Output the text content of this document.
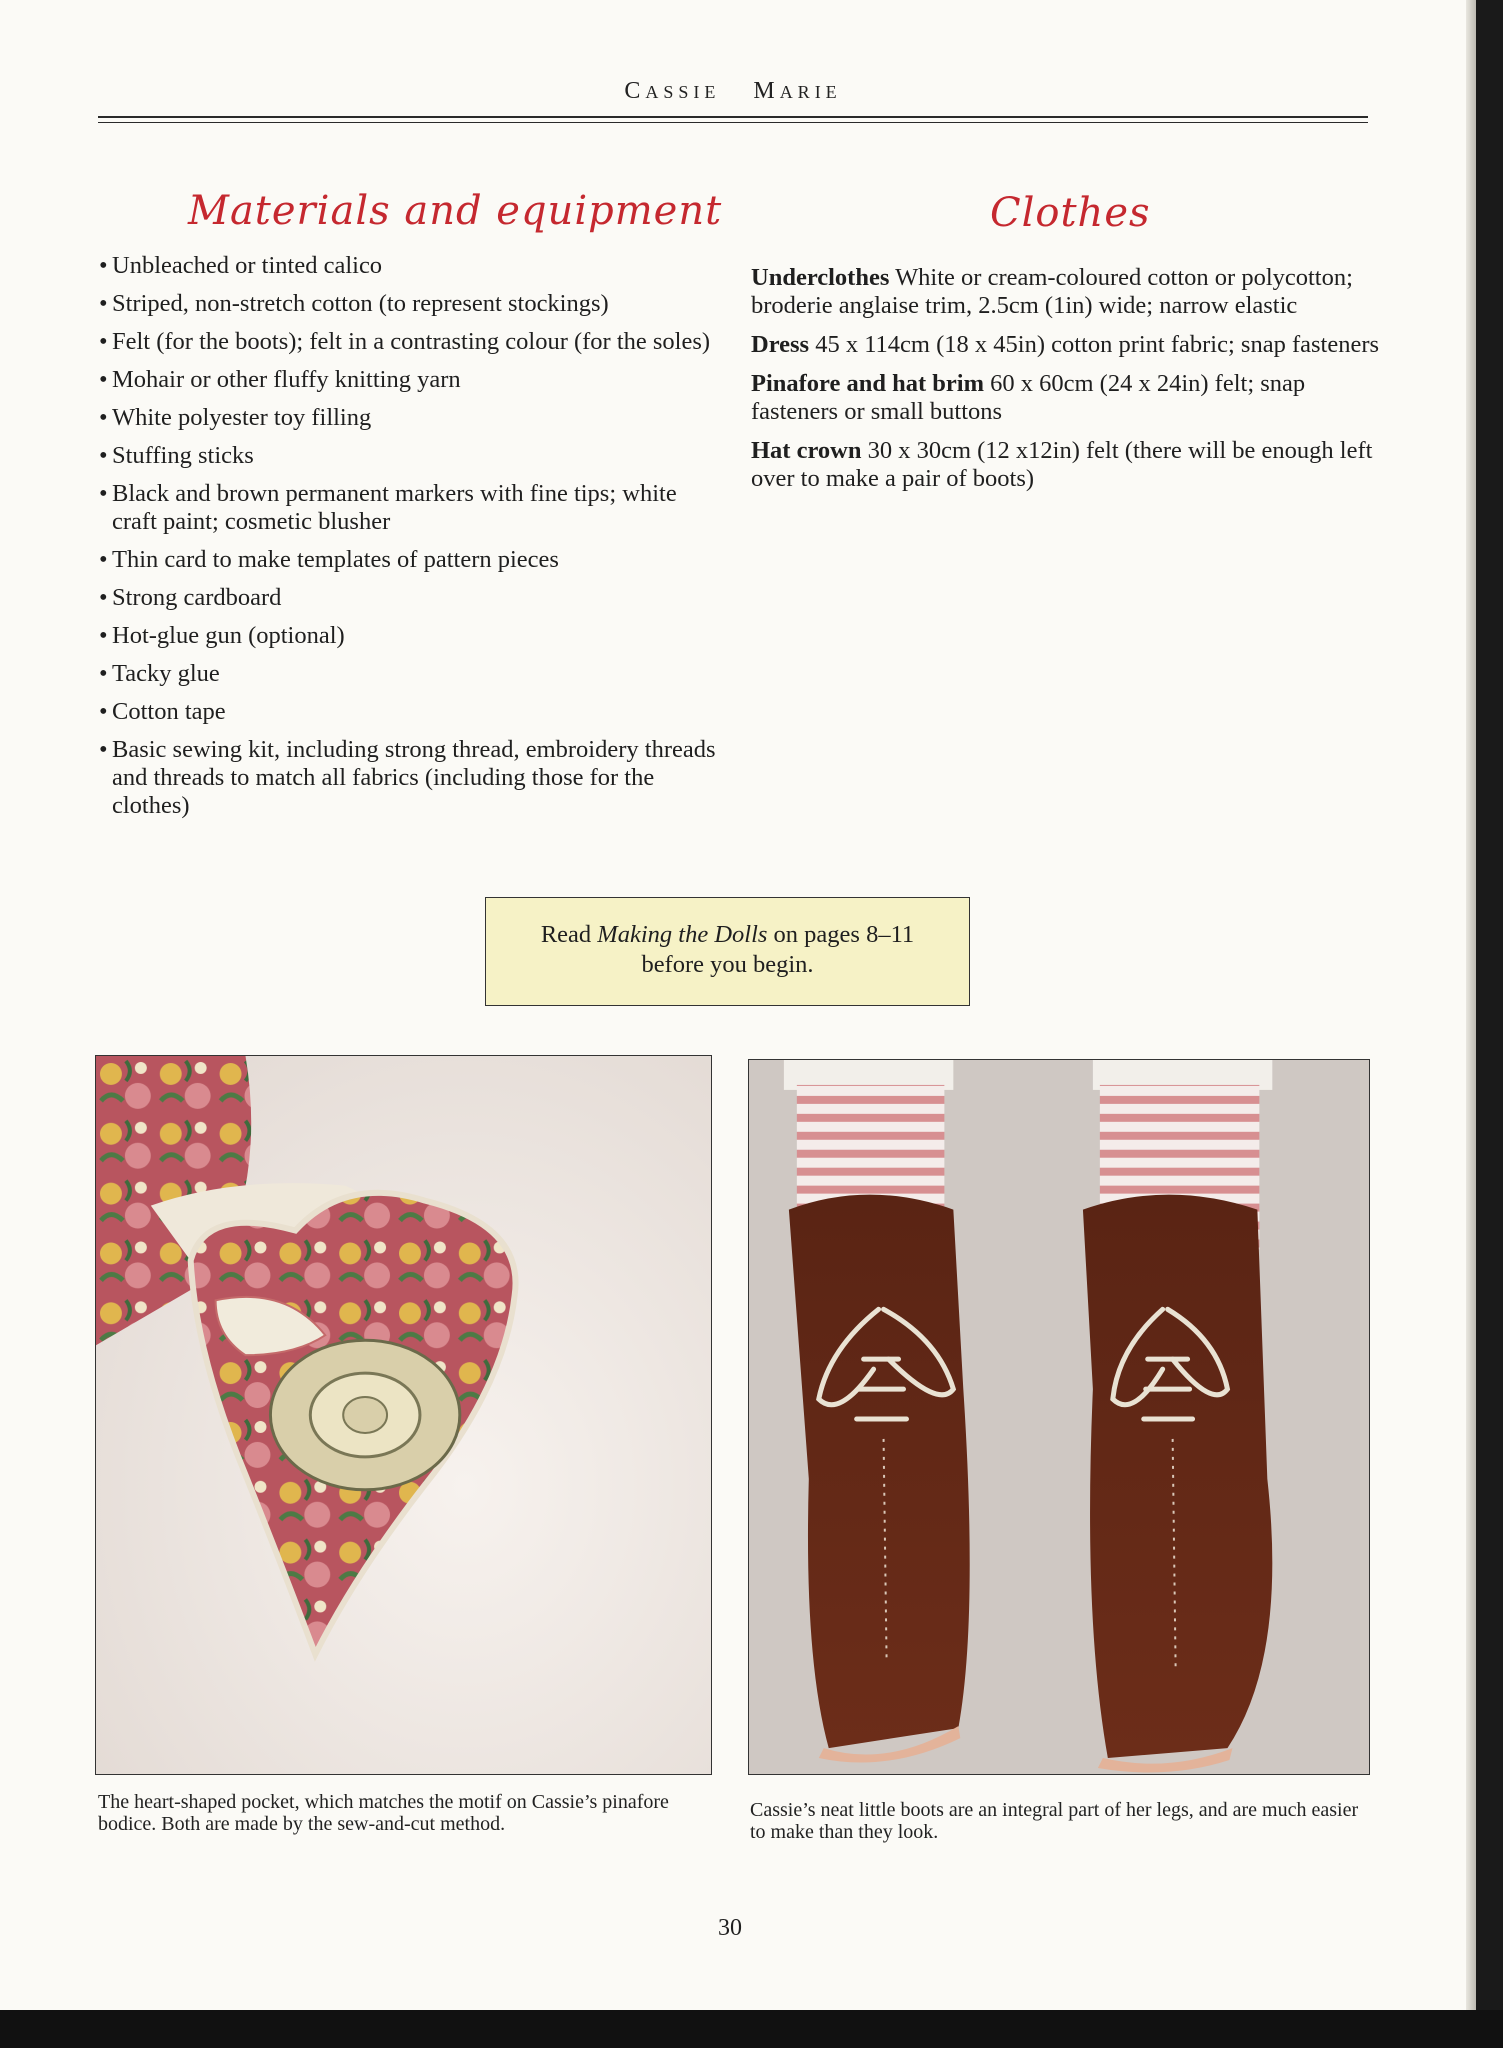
CASSIE MARIE
Materials and equipment	Clothes
• Unbleached or tinted calico
• Striped, non-stretch cotton (to represent stockings)
• Felt (for the boots); felt in a contrasting colour (for the soles)
• Mohair or other fluffy knitting yarn
• White polyester toy filling
• Stuffing sticks
• Black and brown permanent markers with fine tips; white craft paint; cosmetic blusher
• Thin card to make templates of pattern pieces
• Strong cardboard
• Hot-glue gun (optional)
• Tacky glue
• Cotton tape
• Basic sewing kit, including strong thread, embroidery threads and threads to match all fabrics (including those for the clothes)

Underclothes White or cream-coloured cotton or polycotton; broderie anglaise trim, 2.5cm (1in) wide; narrow elastic

Dress 45 x 114cm (18 x 45in) cotton print fabric; snap fasteners

Pinafore and hat brim 60 x 60cm (24 x 24in) felt; snap fasteners or small buttons

Hat crown 30 x 30cm (12 x12in) felt (there will be enough left over to make a pair of boots)

Read Making the Dolls on pages 8–11
before you begin.
The heart-shaped pocket, which matches the motif on Cassie’s pinafore bodice. Both are made by the sew-and-cut method.
Cassie’s neat little boots are an integral part of her legs, and are much easier to make than they look.
30
